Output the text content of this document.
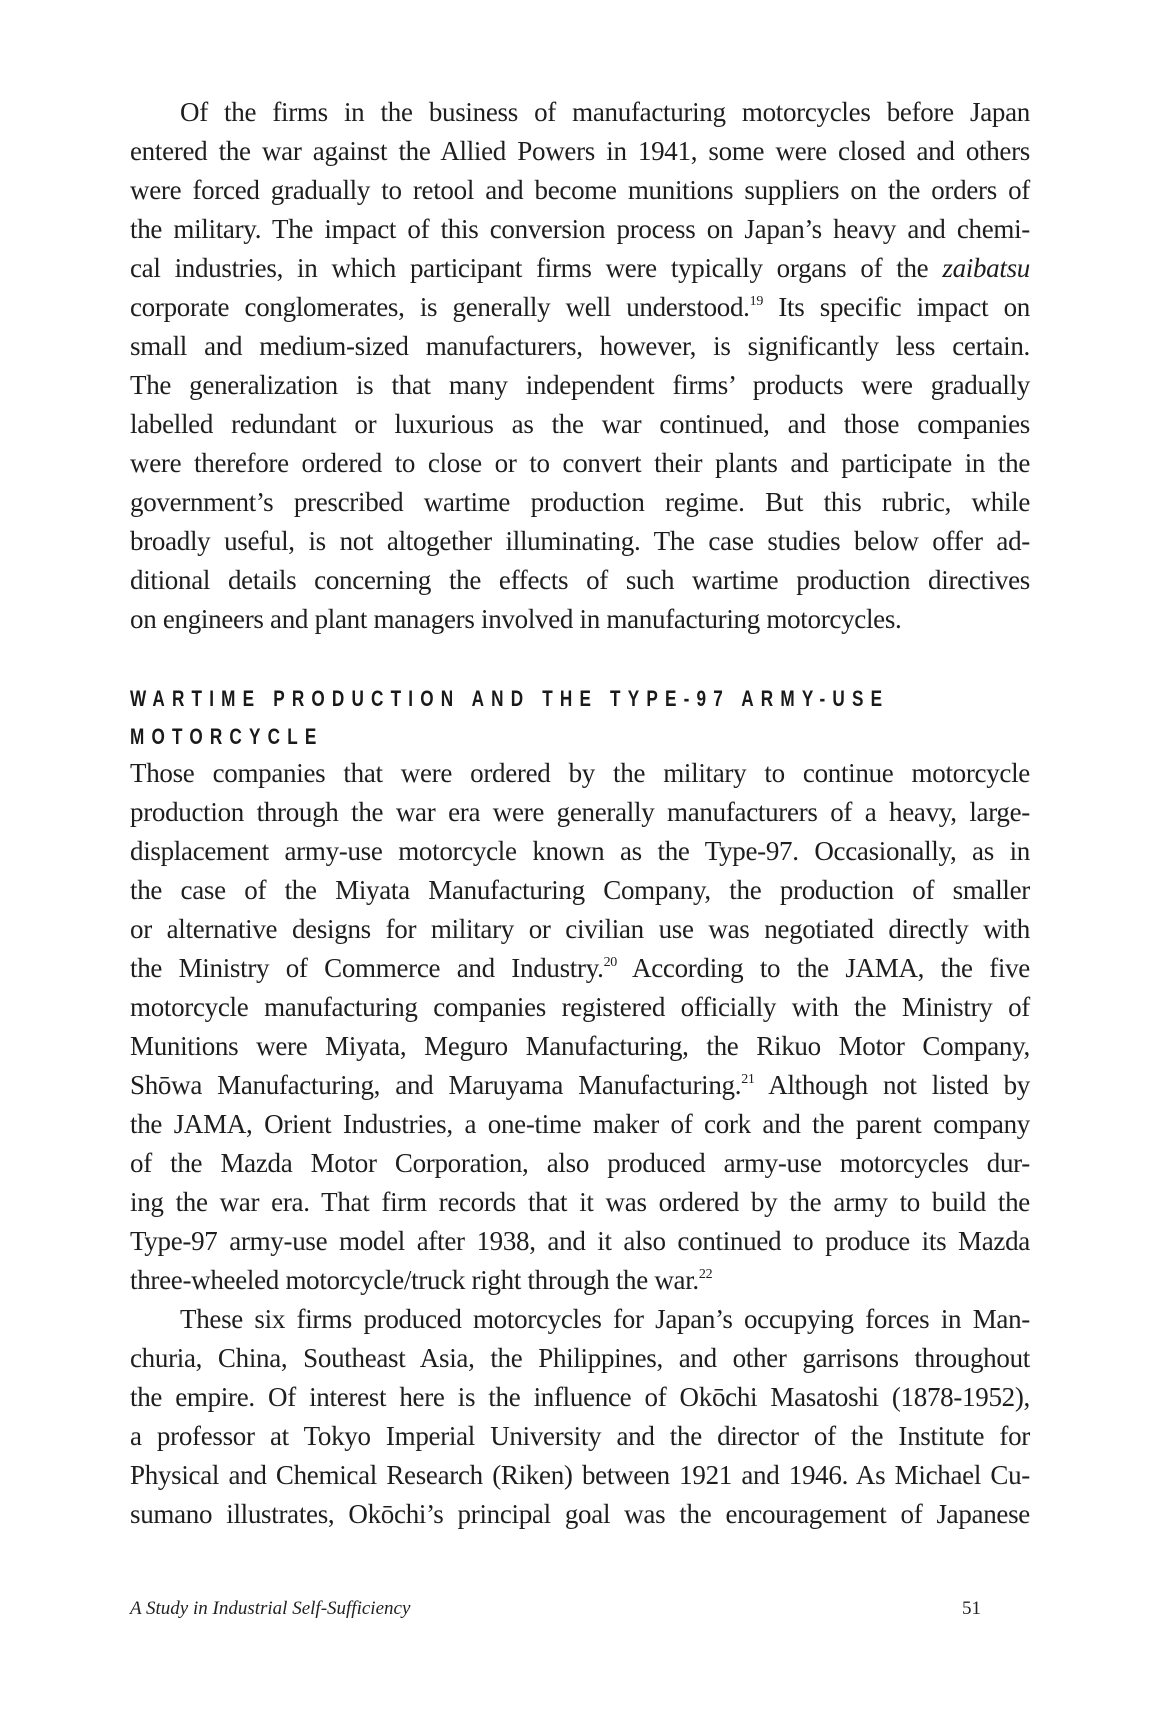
Of the firms in the business of manufacturing motorcycles before Japan
entered the war against the Allied Powers in 1941, some were closed and others
were forced gradually to retool and become munitions suppliers on the orders of
the military. The impact of this conversion process on Japan’s heavy and chemi-
cal industries, in which participant firms were typically organs of the zaibatsu
corporate conglomerates, is generally well understood.$^{19}$ Its specific impact on
small and medium-sized manufacturers, however, is significantly less certain.
The generalization is that many independent firms’ products were gradually
labelled redundant or luxurious as the war continued, and those companies
were therefore ordered to close or to convert their plants and participate in the
government’s prescribed wartime production regime. But this rubric, while
broadly useful, is not altogether illuminating. The case studies below offer ad-
ditional details concerning the effects of such wartime production directives
on engineers and plant managers involved in manufacturing motorcycles.
WARTIME PRODUCTION AND THE TYPE-97 ARMY-USE
MOTORCYCLE
Those companies that were ordered by the military to continue motorcycle
production through the war era were generally manufacturers of a heavy, large-
displacement army-use motorcycle known as the Type-97. Occasionally, as in
the case of the Miyata Manufacturing Company, the production of smaller
or alternative designs for military or civilian use was negotiated directly with
the Ministry of Commerce and Industry.$^{20}$ According to the JAMA, the five
motorcycle manufacturing companies registered officially with the Ministry of
Munitions were Miyata, Meguro Manufacturing, the Rikuo Motor Company,
Shōwa Manufacturing, and Maruyama Manufacturing.$^{21}$ Although not listed by
the JAMA, Orient Industries, a one-time maker of cork and the parent company
of the Mazda Motor Corporation, also produced army-use motorcycles dur-
ing the war era. That firm records that it was ordered by the army to build the
Type-97 army-use model after 1938, and it also continued to produce its Mazda
three-wheeled motorcycle/truck right through the war.$^{22}$
These six firms produced motorcycles for Japan’s occupying forces in Man-
churia, China, Southeast Asia, the Philippines, and other garrisons throughout
the empire. Of interest here is the influence of Okōchi Masatoshi (1878-1952),
a professor at Tokyo Imperial University and the director of the Institute for
Physical and Chemical Research (Riken) between 1921 and 1946. As Michael Cu-
sumano illustrates, Okōchi’s principal goal was the encouragement of Japanese
A Study in Industrial Self-Sufficiency	51
